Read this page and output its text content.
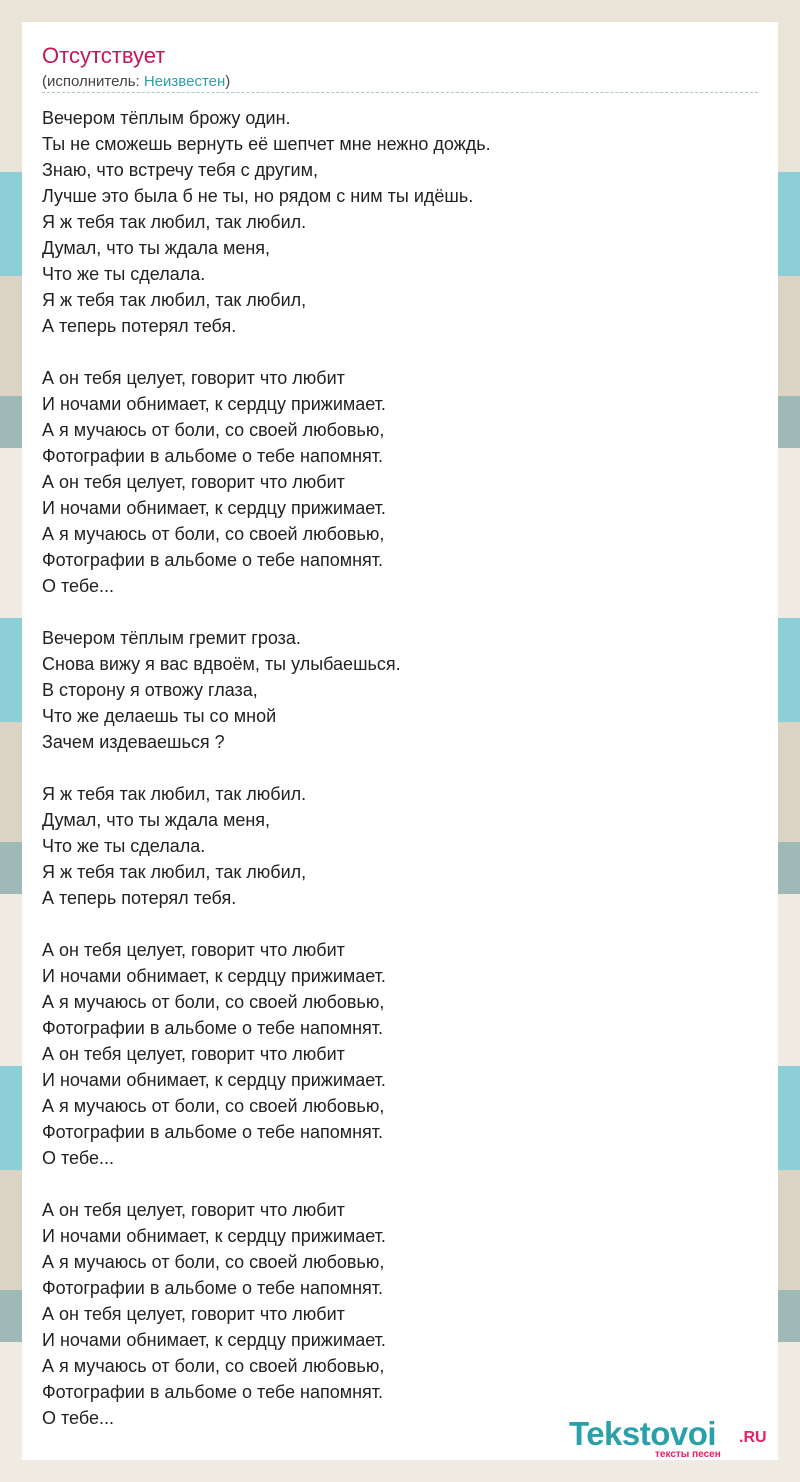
Отсутствует
(исполнитель: Неизвестен)
Вечером тёплым брожу один.
Ты не сможешь вернуть её шепчет мне нежно дождь.
Знаю, что встречу тебя с другим,
Лучше это была б не ты, но рядом с ним ты идёшь.
Я ж тебя так любил, так любил.
Думал, что ты ждала меня,
Что же ты сделала.
Я ж тебя так любил, так любил,
А теперь потерял тебя.
А он тебя целует, говорит что любит
И ночами обнимает, к сердцу прижимает.
А я мучаюсь от боли, со своей любовью,
Фотографии в альбоме о тебе напомнят.
А он тебя целует, говорит что любит
И ночами обнимает, к сердцу прижимает.
А я мучаюсь от боли, со своей любовью,
Фотографии в альбоме о тебе напомнят.
О тебе...
Вечером тёплым гремит гроза.
Снова вижу я вас вдвоём, ты улыбаешься.
В сторону я отвожу глаза,
Что же делаешь ты со мной
Зачем издеваешься ?
Я ж тебя так любил, так любил.
Думал, что ты ждала меня,
Что же ты сделала.
Я ж тебя так любил, так любил,
А теперь потерял тебя.
А он тебя целует, говорит что любит
И ночами обнимает, к сердцу прижимает.
А я мучаюсь от боли, со своей любовью,
Фотографии в альбоме о тебе напомнят.
А он тебя целует, говорит что любит
И ночами обнимает, к сердцу прижимает.
А я мучаюсь от боли, со своей любовью,
Фотографии в альбоме о тебе напомнят.
О тебе...
А он тебя целует, говорит что любит
И ночами обнимает, к сердцу прижимает.
А я мучаюсь от боли, со своей любовью,
Фотографии в альбоме о тебе напомнят.
А он тебя целует, говорит что любит
И ночами обнимает, к сердцу прижимает.
А я мучаюсь от боли, со своей любовью,
Фотографии в альбоме о тебе напомнят.
О тебе...	Tekstovoi .RU
тексты песен
